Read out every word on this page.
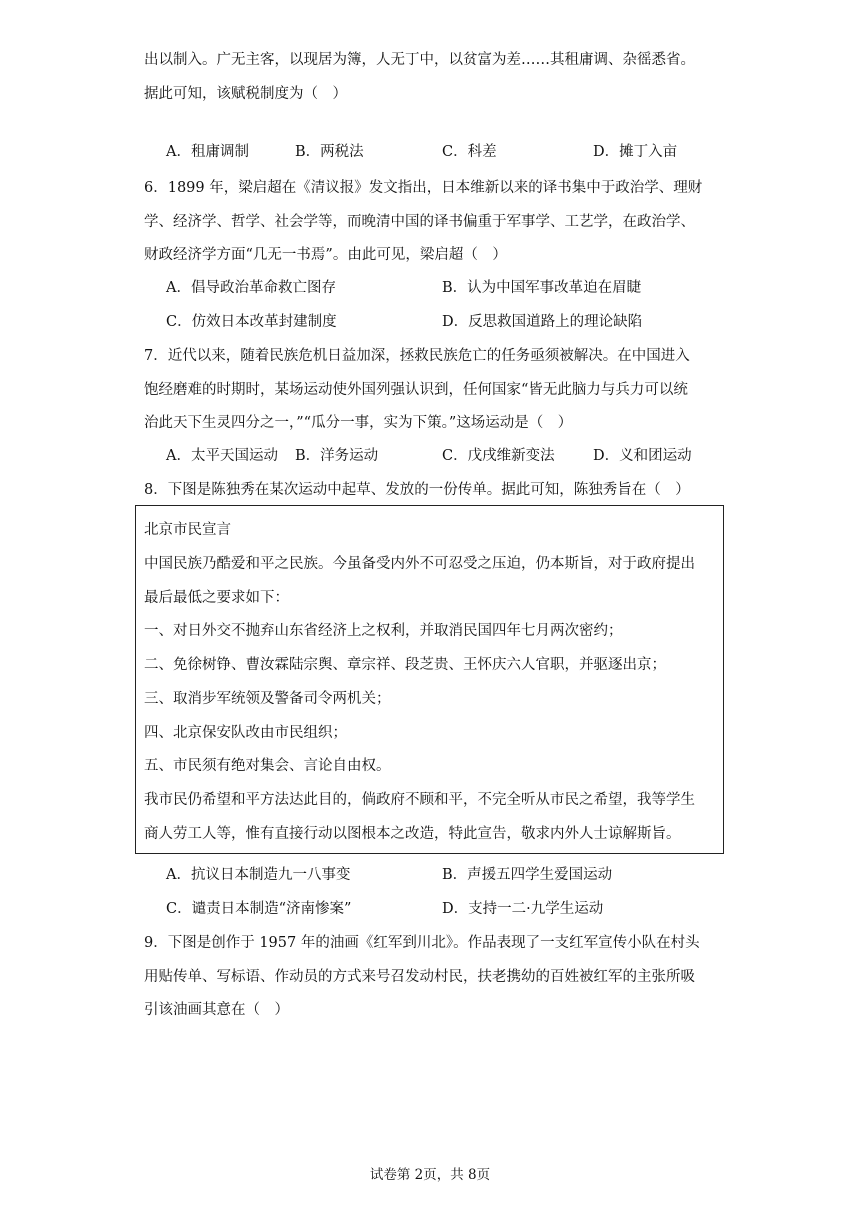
出以制入。广无主客，以现居为簿，人无丁中，以贫富为差……其租庸调、杂徭悉省。
据此可知，该赋税制度为（　）
A．租庸调制	B．两税法	C．科差	D．摊丁入亩
6．1899 年，梁启超在《清议报》发文指出，日本维新以来的译书集中于政治学、理财
学、经济学、哲学、社会学等，而晚清中国的译书偏重于军事学、工艺学，在政治学、
财政经济学方面“几无一书焉”。由此可见，梁启超（　）
A．倡导政治革命救亡图存	B．认为中国军事改革迫在眉睫
C．仿效日本改革封建制度	D．反思救国道路上的理论缺陷
7．近代以来，随着民族危机日益加深，拯救民族危亡的任务亟须被解决。在中国进入
饱经磨难的时期时，某场运动使外国列强认识到，任何国家“皆无此脑力与兵力可以统
治此天下生灵四分之一，”“瓜分一事，实为下策。”这场运动是（　）
A．太平天国运动 B．洋务运动	C．戊戌维新变法	D．义和团运动
8．下图是陈独秀在某次运动中起草、发放的一份传单。据此可知，陈独秀旨在（　）
北京市民宣言
中国民族乃酷爱和平之民族。今虽备受内外不可忍受之压迫，仍本斯旨，对于政府提出
最后最低之要求如下：
一、对日外交不抛弃山东省经济上之权利，并取消民国四年七月两次密约；
二、免徐树铮、曹汝霖陆宗舆、章宗祥、段芝贵、王怀庆六人官职，并驱逐出京；
三、取消步军统领及警备司令两机关；
四、北京保安队改由市民组织；
五、市民须有绝对集会、言论自由权。
我市民仍希望和平方法达此目的，倘政府不顾和平，不完全听从市民之希望，我等学生
商人劳工人等，惟有直接行动以图根本之改造，特此宣告，敬求内外人士谅解斯旨。
A．抗议日本制造九一八事变	B．声援五四学生爱国运动
C．谴责日本制造“济南惨案”	D．支持一二·九学生运动
9．下图是创作于 1957 年的油画《红军到川北》。作品表现了一支红军宣传小队在村头
用贴传单、写标语、作动员的方式来号召发动村民，扶老携幼的百姓被红军的主张所吸
引该油画其意在（　）
试卷第 2页，共 8页
